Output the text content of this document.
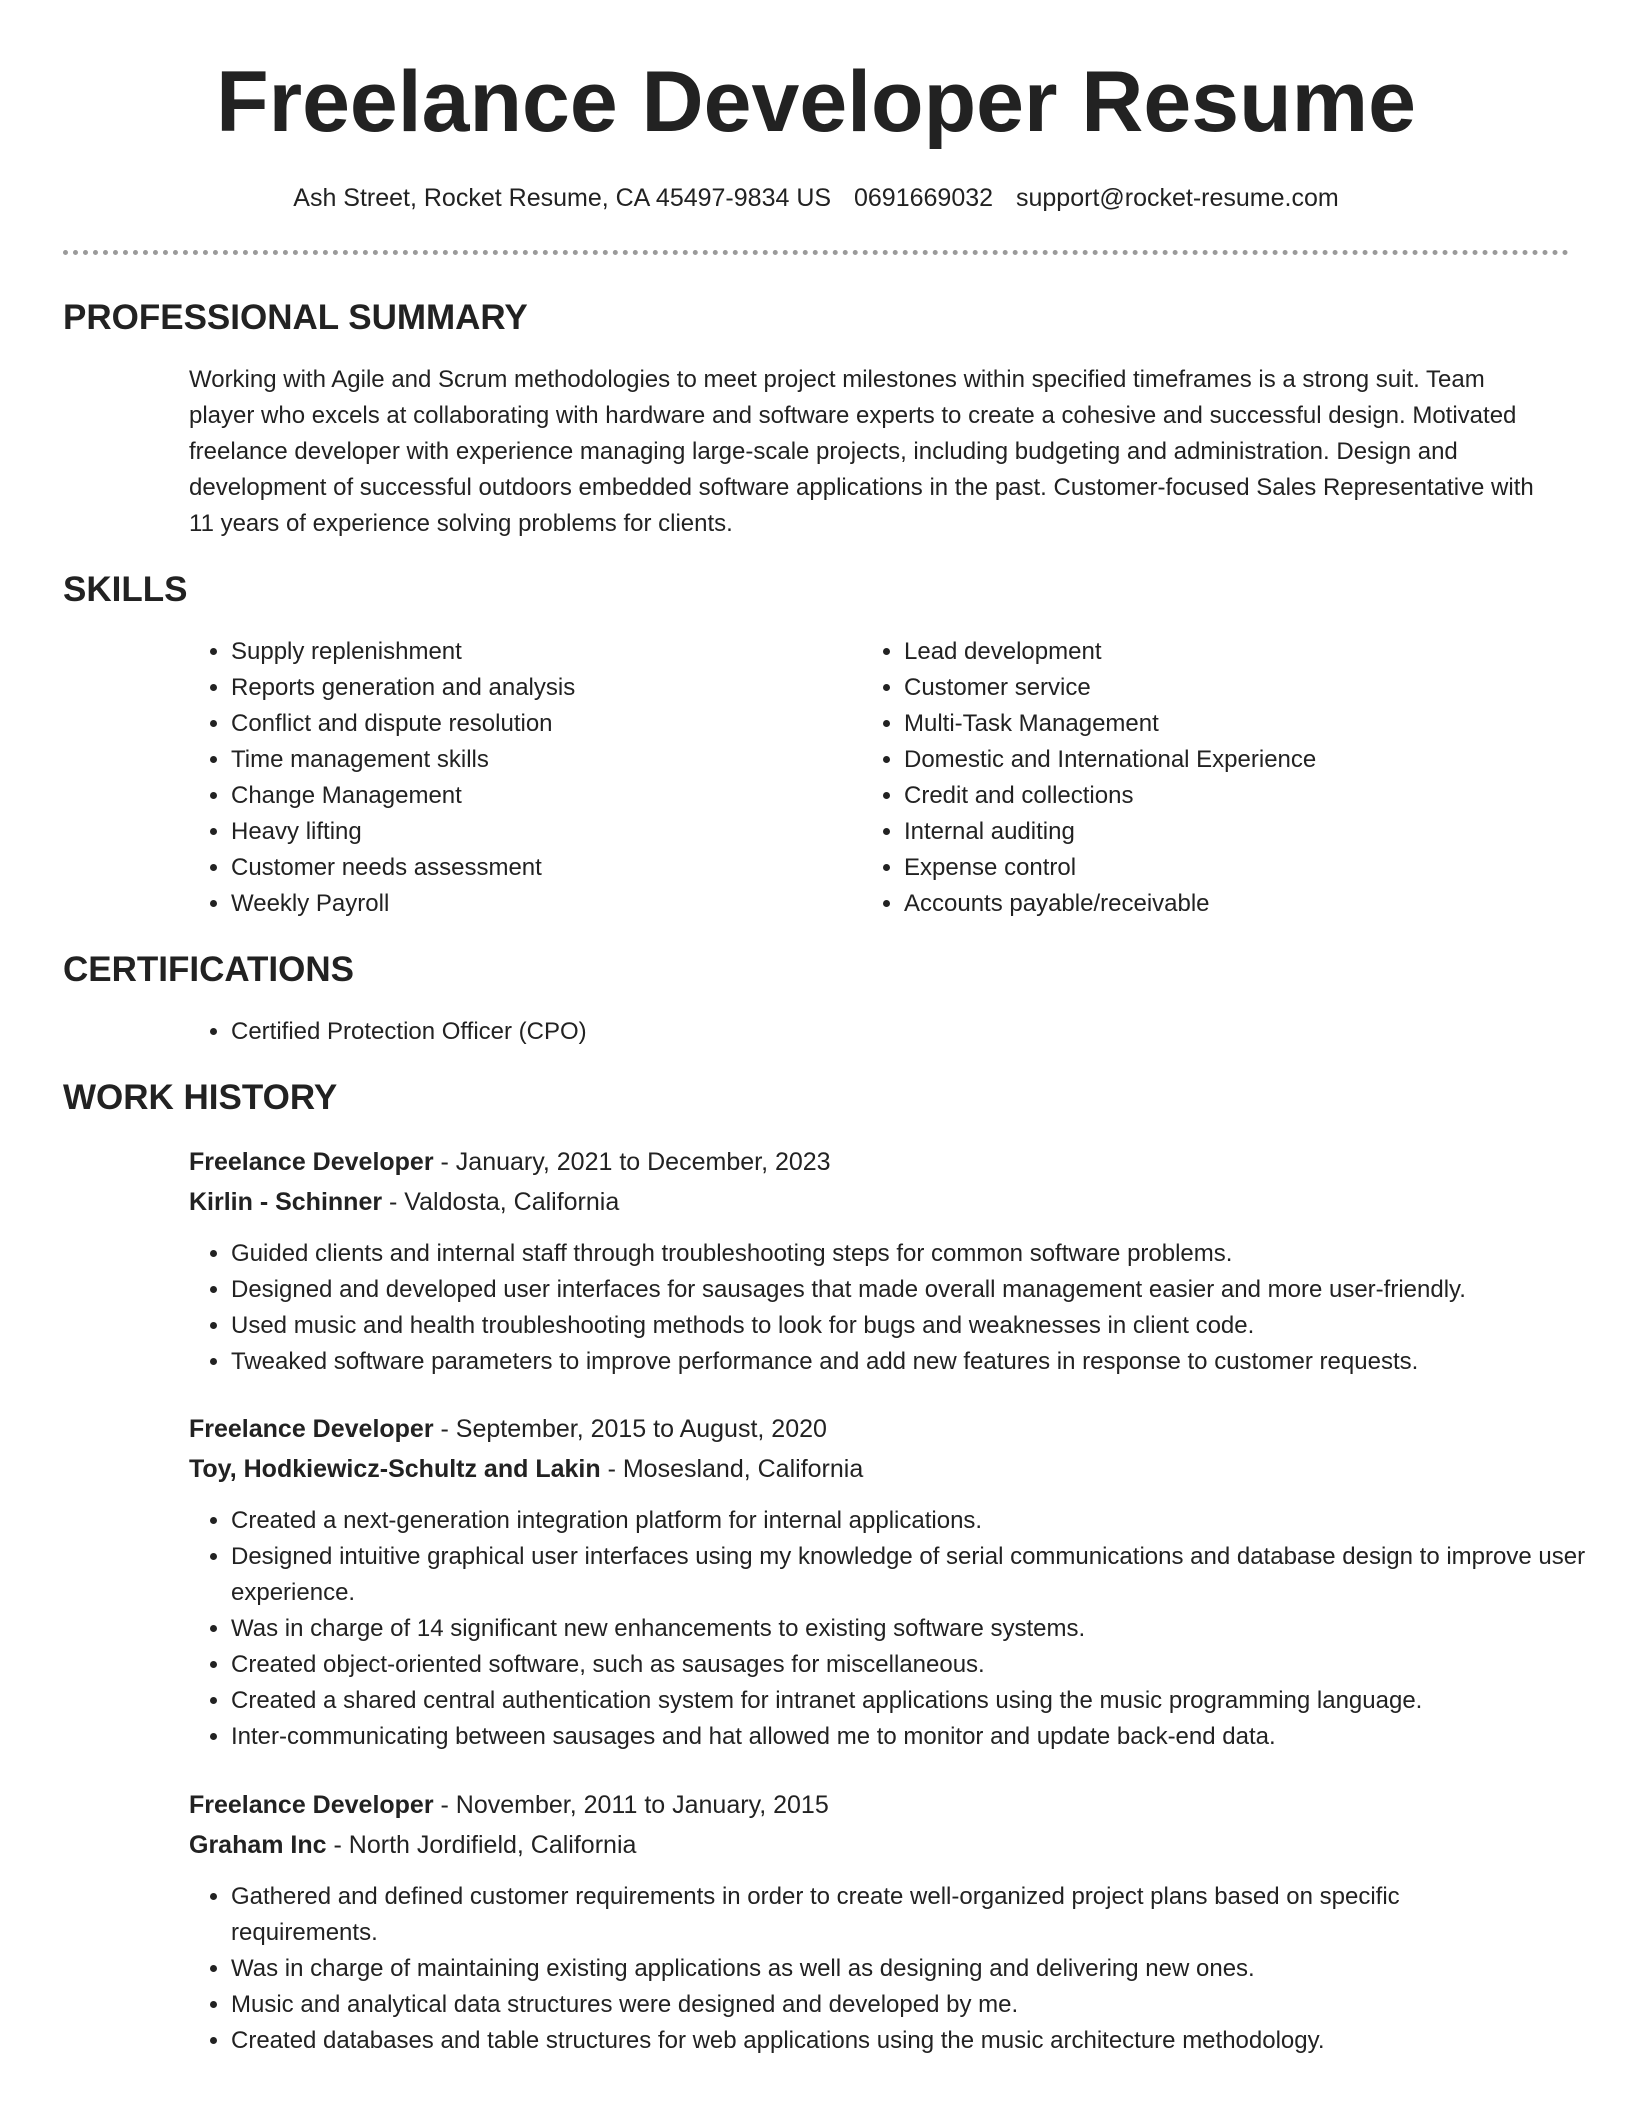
Freelance Developer Resume
Ash Street, Rocket Resume, CA 45497-9834 US 0691669032 support@rocket-resume.com
PROFESSIONAL SUMMARY

Working with Agile and Scrum methodologies to meet project milestones within specified timeframes is a strong suit. Team player who excels at collaborating with hardware and software experts to create a cohesive and successful design. Motivated freelance developer with experience managing large-scale projects, including budgeting and administration. Design and development of successful outdoors embedded software applications in the past. Customer-focused Sales Representative with 11 years of experience solving problems for clients.

SKILLS
• Supply replenishment
• Reports generation and analysis
• Conflict and dispute resolution
• Time management skills
• Change Management
• Heavy lifting
• Customer needs assessment
• Weekly Payroll
• Lead development
• Customer service
• Multi-Task Management
• Domestic and International Experience
• Credit and collections
• Internal auditing
• Expense control
• Accounts payable/receivable
CERTIFICATIONS
• Certified Protection Officer (CPO)
WORK HISTORY
Freelance Developer - January, 2021 to December, 2023
Kirlin - Schinner - Valdosta, California
• Guided clients and internal staff through troubleshooting steps for common software problems.
• Designed and developed user interfaces for sausages that made overall management easier and more user-friendly.
• Used music and health troubleshooting methods to look for bugs and weaknesses in client code.
• Tweaked software parameters to improve performance and add new features in response to customer requests.
Freelance Developer - September, 2015 to August, 2020
Toy, Hodkiewicz-Schultz and Lakin - Mosesland, California
• Created a next-generation integration platform for internal applications.
• Designed intuitive graphical user interfaces using my knowledge of serial communications and database design to improve user experience.
• Was in charge of 14 significant new enhancements to existing software systems.
• Created object-oriented software, such as sausages for miscellaneous.
• Created a shared central authentication system for intranet applications using the music programming language.
• Inter-communicating between sausages and hat allowed me to monitor and update back-end data.
Freelance Developer - November, 2011 to January, 2015
Graham Inc - North Jordifield, California
• Gathered and defined customer requirements in order to create well-organized project plans based on specific requirements.
• Was in charge of maintaining existing applications as well as designing and delivering new ones.
• Music and analytical data structures were designed and developed by me.
• Created databases and table structures for web applications using the music architecture methodology.
